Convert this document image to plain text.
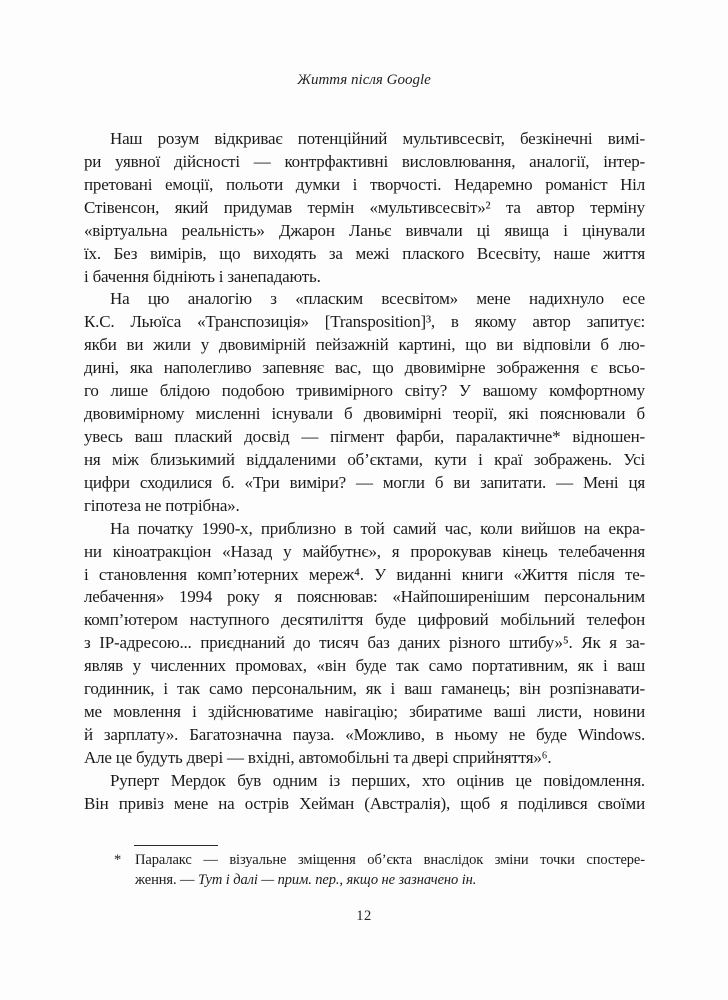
Життя після Google
Наш розум відкриває потенційний мультивсесвіт, безкінечні вимі-
ри уявної дійсності — контрфактивні висловлювання, аналогії, інтер-
претовані емоції, польоти думки і творчості. Недаремно романіст Ніл
Стівенсон, який придумав термін «мультивсесвіт»² та автор терміну
«віртуальна реальність» Джарон Ланьє вивчали ці явища і цінували
їх. Без вимірів, що виходять за межі плаского Всесвіту, наше життя
і бачення бідніють і занепадають.
На цю аналогію з «пласким всесвітом» мене надихнуло есе
К.С. Льюїса «Транспозиція» [Transposition]³, в якому автор запитує:
якби ви жили у двовимірній пейзажній картині, що ви відповіли б лю-
дині, яка наполегливо запевняє вас, що двовимірне зображення є всьо-
го лише блідою подобою тривимірного світу? У вашому комфортному
двовимірному мисленні існували б двовимірні теорії, які пояснювали б
увесь ваш плаский досвід — пігмент фарби, паралактичне* відношен-
ня між близькимий віддаленими об’єктами, кути і краї зображень. Усі
цифри сходилися б. «Три виміри? — могли б ви запитати. — Мені ця
гіпотеза не потрібна».
На початку 1990-х, приблизно в той самий час, коли вийшов на екра-
ни кіноатракціон «Назад у майбутнє», я пророкував кінець телебачення
і становлення комп’ютерних мереж⁴. У виданні книги «Життя після те-
лебачення» 1994 року я пояснював: «Найпоширенішим персональним
комп’ютером наступного десятиліття буде цифровий мобільний телефон
з IP-адресою... приєднаний до тисяч баз даних різного штибу»⁵. Як я за-
являв у численних промовах, «він буде так само портативним, як і ваш
годинник, і так само персональним, як і ваш гаманець; він розпізнавати-
ме мовлення і здійснюватиме навігацію; збиратиме ваші листи, новини
й зарплату». Багатозначна пауза. «Можливо, в ньому не буде Windows.
Але це будуть двері — вхідні, автомобільні та двері сприйняття»⁶.
Руперт Мердок був одним із перших, хто оцінив це повідомлення.
Він привіз мене на острів Хейман (Австралія), щоб я поділився своїми
* Паралакс — візуальне зміщення об’єкта внаслідок зміни точки спостере-
ження. — Тут і далі — прим. пер., якщо не зазначено ін.
12
